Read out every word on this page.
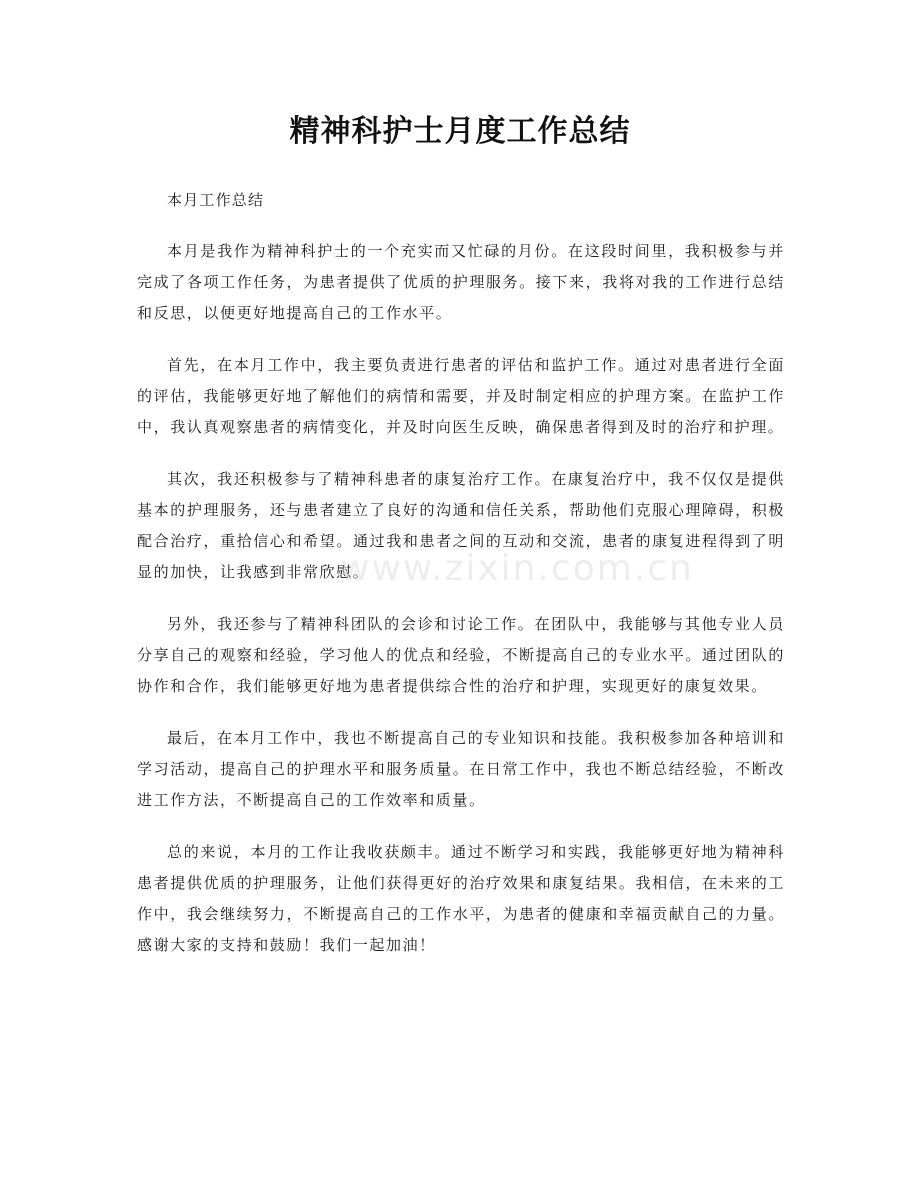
精神科护士月度工作总结

本月工作总结

本月是我作为精神科护士的一个充实而又忙碌的月份。在这段时间里，我积极参与并完成了各项工作任务，为患者提供了优质的护理服务。接下来，我将对我的工作进行总结和反思，以便更好地提高自己的工作水平。

首先，在本月工作中，我主要负责进行患者的评估和监护工作。通过对患者进行全面的评估，我能够更好地了解他们的病情和需要，并及时制定相应的护理方案。在监护工作中，我认真观察患者的病情变化，并及时向医生反映，确保患者得到及时的治疗和护理。

其次，我还积极参与了精神科患者的康复治疗工作。在康复治疗中，我不仅仅是提供基本的护理服务，还与患者建立了良好的沟通和信任关系，帮助他们克服心理障碍，积极配合治疗，重拾信心和希望。通过我和患者之间的互动和交流，患者的康复进程得到了明显的加快，让我感到非常欣慰。

另外，我还参与了精神科团队的会诊和讨论工作。在团队中，我能够与其他专业人员分享自己的观察和经验，学习他人的优点和经验，不断提高自己的专业水平。通过团队的协作和合作，我们能够更好地为患者提供综合性的治疗和护理，实现更好的康复效果。

最后，在本月工作中，我也不断提高自己的专业知识和技能。我积极参加各种培训和学习活动，提高自己的护理水平和服务质量。在日常工作中，我也不断总结经验，不断改进工作方法，不断提高自己的工作效率和质量。

总的来说，本月的工作让我收获颇丰。通过不断学习和实践，我能够更好地为精神科患者提供优质的护理服务，让他们获得更好的治疗效果和康复结果。我相信，在未来的工作中，我会继续努力，不断提高自己的工作水平，为患者的健康和幸福贡献自己的力量。感谢大家的支持和鼓励！我们一起加油！

www.zixin.com.cn
